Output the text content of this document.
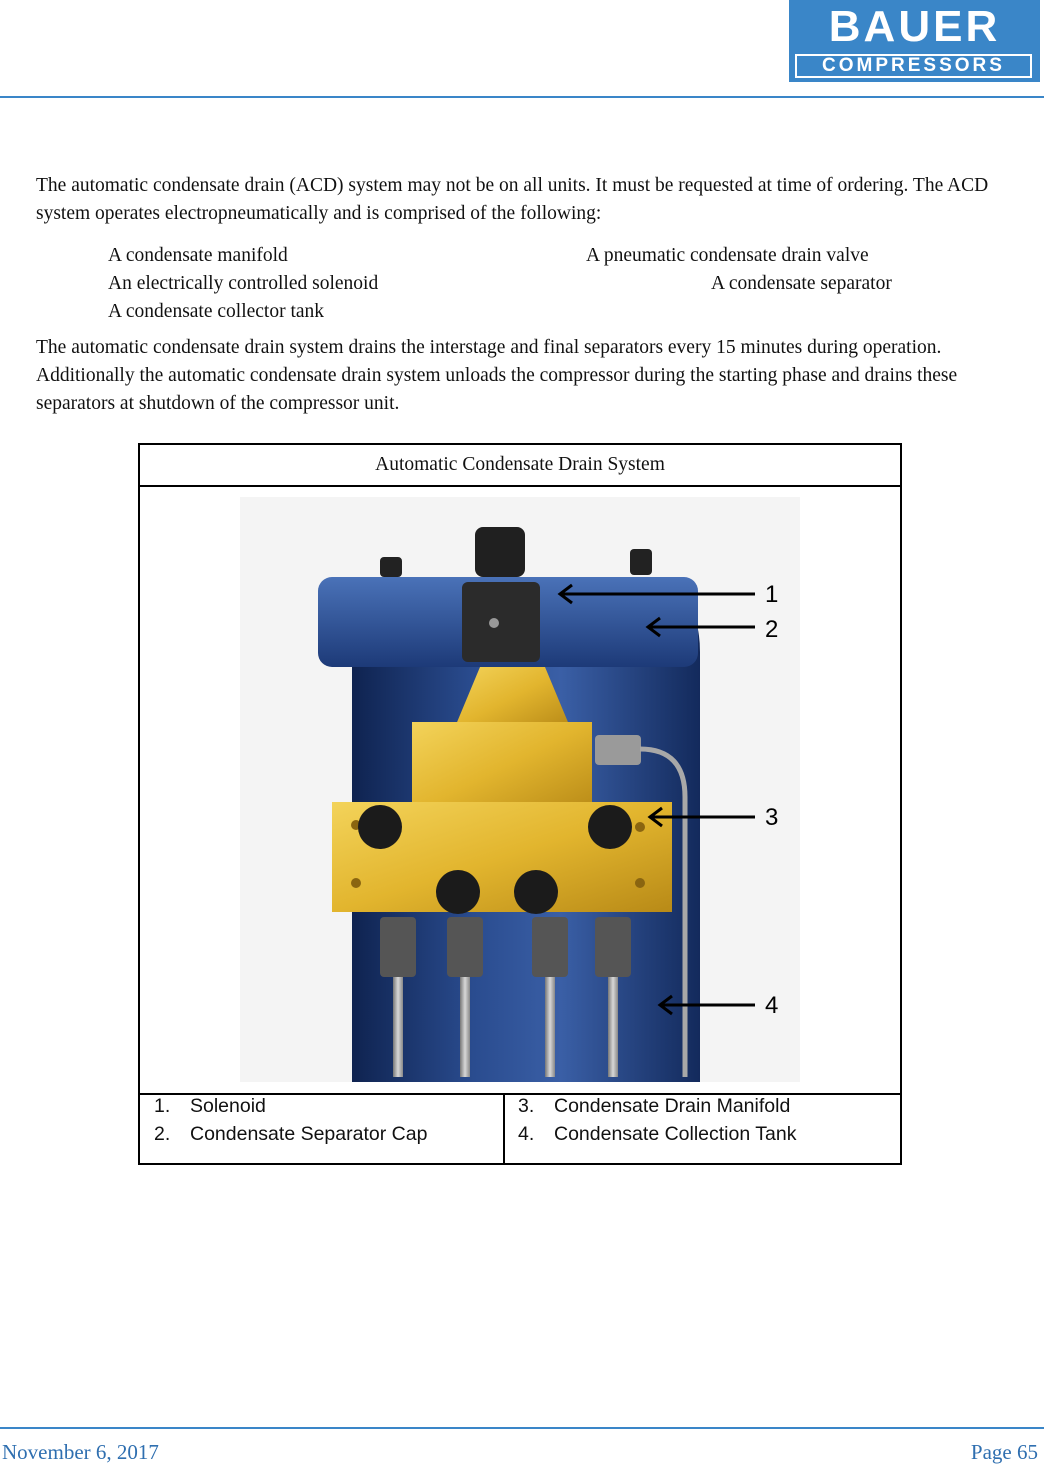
BAUER
COMPRESSORS

The automatic condensate drain (ACD) system may not be on all units. It must be requested at time of ordering. The ACD system operates electropneumatically and is comprised of the following:

A condensate manifold	A pneumatic condensate drain valve
An electrically controlled solenoid	A condensate separator
A condensate collector tank

The automatic condensate drain system drains the interstage and final separators every 15 minutes during operation. Additionally the automatic condensate drain system unloads the compressor during the starting phase and drains these separators at shutdown of the compressor unit.

Automatic Condensate Drain System
1
2
3
4
1. Solenoid
2. Condensate Separator Cap
3. Condensate Drain Manifold
4. Condensate Collection Tank
November 6, 2017	Page 65
